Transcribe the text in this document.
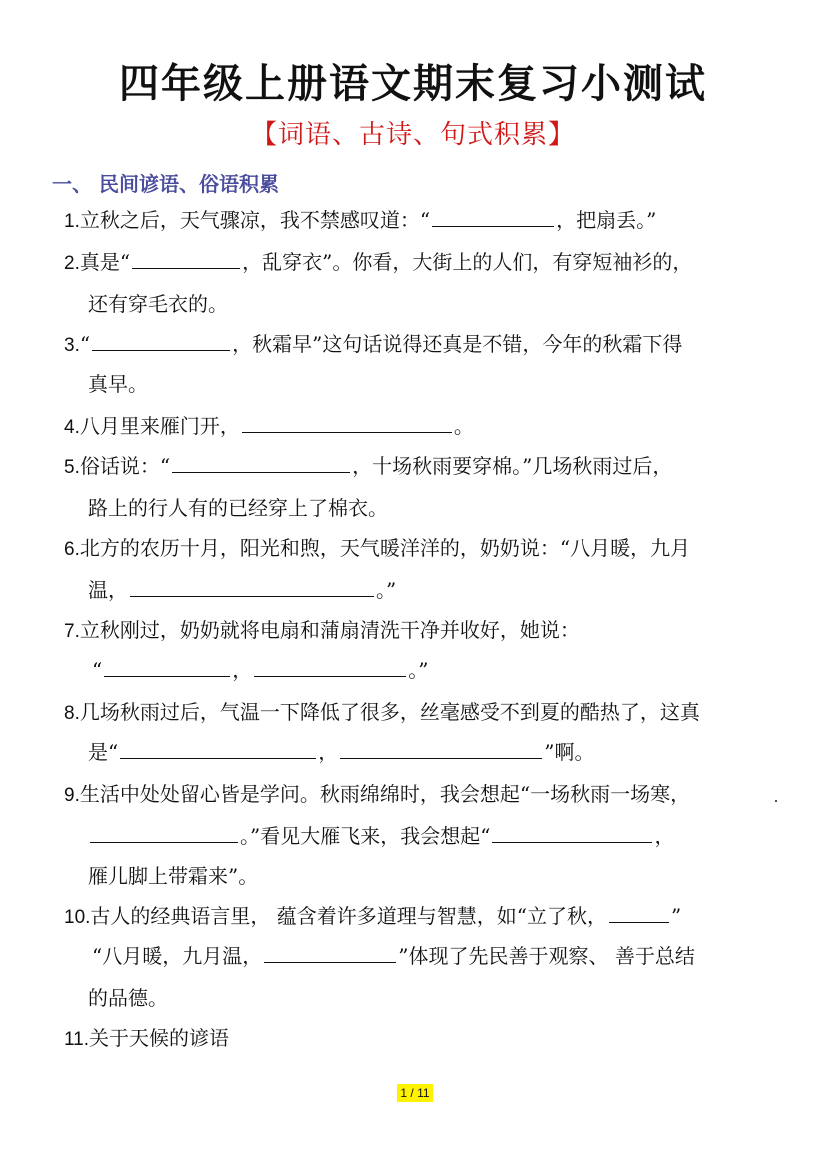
四年级上册语文期末复习小测试
【词语、古诗、句式积累】
一、 民间谚语、俗语积累
1.立秋之后，天气骤凉，我不禁感叹道：“	，把扇丢。”
2.真是“	，乱穿衣”。你看，大街上的人们，有穿短袖衫的，
还有穿毛衣的。
3.“	，秋霜早”这句话说得还真是不错，今年的秋霜下得
真早。
4.八月里来雁门开，	。
5.俗话说：“	，十场秋雨要穿棉。”几场秋雨过后，
路上的行人有的已经穿上了棉衣。
6.北方的农历十月，阳光和煦，天气暖洋洋的，奶奶说：“八月暖，九月
温，	。”
7.立秋刚过，奶奶就将电扇和蒲扇清洗干净并收好，她说：
“	，	。”
8.几场秋雨过后，气温一下降低了很多，丝毫感受不到夏的酷热了，这真
是“	，	”啊。
9.生活中处处留心皆是学问。秋雨绵绵时，我会想起“一场秋雨一场寒，
。”看见大雁飞来，我会想起“	，
雁儿脚上带霜来”。
10.古人的经典语言里， 蕴含着许多道理与智慧，如“立了秋，	”
“八月暖，九月温，	”体现了先民善于观察、 善于总结
的品德。
11.关于天候的谚语
1 / 11
